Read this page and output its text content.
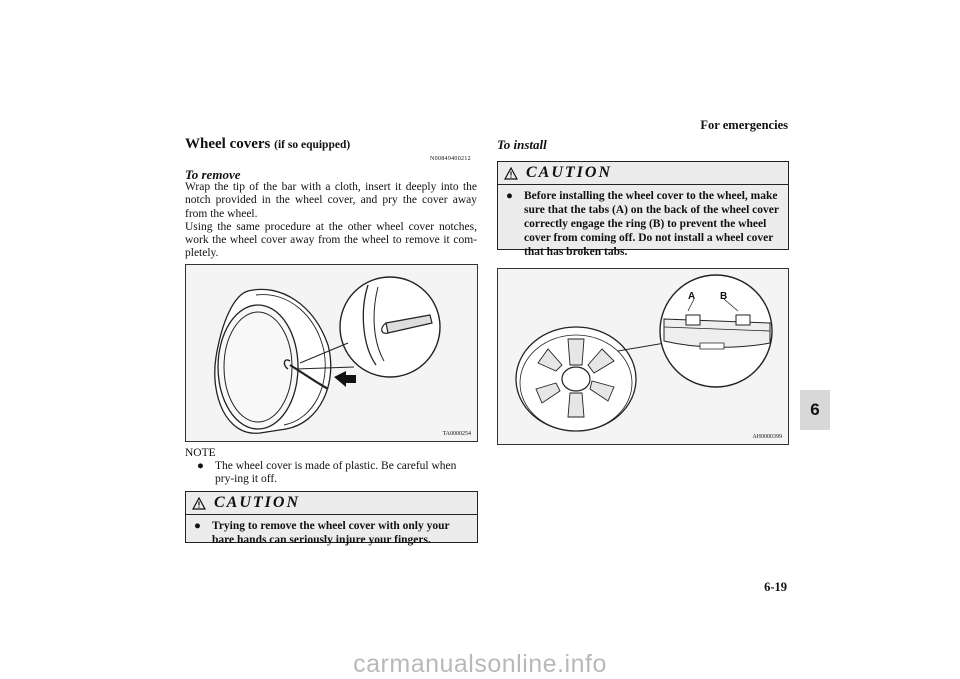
For emergencies
6
6-19
Wheel covers (if so equipped)
N00849400212
To remove

Wrap the tip of the bar with a cloth, insert it deeply into the notch provided in the wheel cover, and pry the cover away from the wheel.

Using the same procedure at the other wheel cover notches, work the wheel cover away from the wheel to remove it com-pletely.

TA0000254
NOTE
● The wheel cover is made of plastic. Be careful when pry-ing it off.
CAUTION
● Trying to remove the wheel cover with only your bare hands can seriously injure your fingers.
To install
CAUTION
● Before installing the wheel cover to the wheel, make sure that the tabs (A) on the back of the wheel cover correctly engage the ring (B) to prevent the wheel cover from coming off. Do not install a wheel cover that has broken tabs.
A B
AH0000399
carmanualsonline.info
